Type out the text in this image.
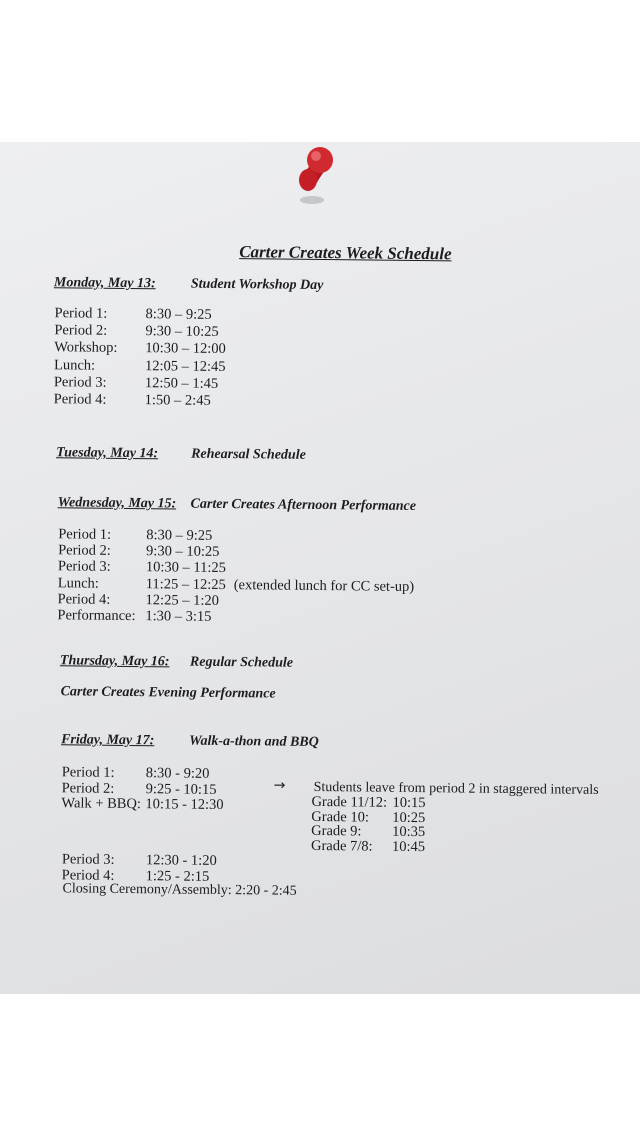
Carter Creates Week Schedule
Monday, May 13:	Student Workshop Day
Period 1:	8:30 – 9:25
Period 2:	9:30 – 10:25
Workshop: 10:30 – 12:00
Lunch:	12:05 – 12:45
Period 3:	12:50 – 1:45
Period 4:	1:50 – 2:45
Tuesday, May 14: Rehearsal Schedule
Wednesday, May 15: Carter Creates Afternoon Performance
Period 1: 8:30 – 9:25
Period 2: 9:30 – 10:25
Period 3: 10:30 – 11:25
Lunch:	11:25 – 12:25 (extended lunch for CC set-up)
Period 4: 12:25 – 1:20
Performance: 1:30 – 3:15
Thursday, May 16: Regular Schedule
Carter Creates Evening Performance
Friday, May 17: Walk-a-thon and BBQ
Period 1: 8:30 - 9:20
Period 2: 9:25 - 10:15
Walk + BBQ: 10:15 - 12:30
→ Students leave from period 2 in staggered intervals
Grade 11/12: 10:15
Grade 10: 10:25
Grade 9: 10:35
Grade 7/8: 10:45
Period 3: 12:30 - 1:20
Period 4: 1:25 - 2:15
Closing Ceremony/Assembly: 2:20 - 2:45
